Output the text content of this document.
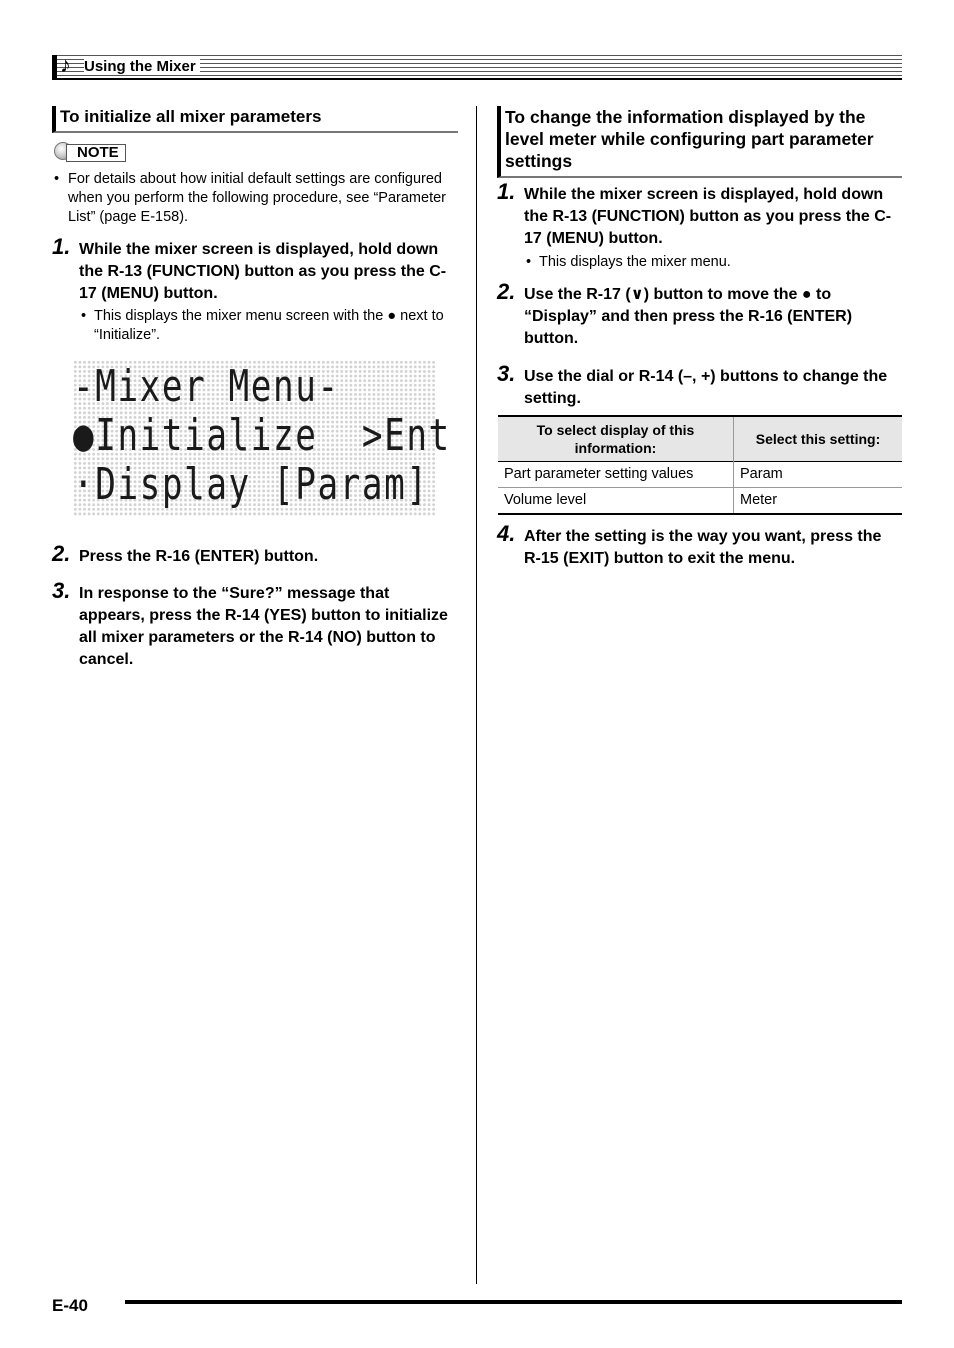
♪ Using the Mixer
To initialize all mixer parameters
NOTE
• For details about how initial default settings are configured when you perform the following procedure, see “Parameter List” (page E-158).
1. While the mixer screen is displayed, hold down the R-13 (FUNCTION) button as you press the C-17 (MENU) button.
• This displays the mixer menu screen with the ● next to “Initialize”.
-Mixer Menu-
●Initialize  >Ent
·Display [Param]
2. Press the R-16 (ENTER) button.
3. In response to the “Sure?” message that appears, press the R-14 (YES) button to initialize all mixer parameters or the R-14 (NO) button to cancel.
To change the information displayed by the level meter while configuring part parameter settings
1. While the mixer screen is displayed, hold down the R-13 (FUNCTION) button as you press the C-17 (MENU) button.
• This displays the mixer menu.
2. Use the R-17 (∨) button to move the ● to “Display” and then press the R-16 (ENTER) button.
3. Use the dial or R-14 (–, +) buttons to change the setting.
To select display of this information:	Select this setting:
Part parameter setting values	Param
Volume level	Meter
4. After the setting is the way you want, press the R-15 (EXIT) button to exit the menu.
E-40
